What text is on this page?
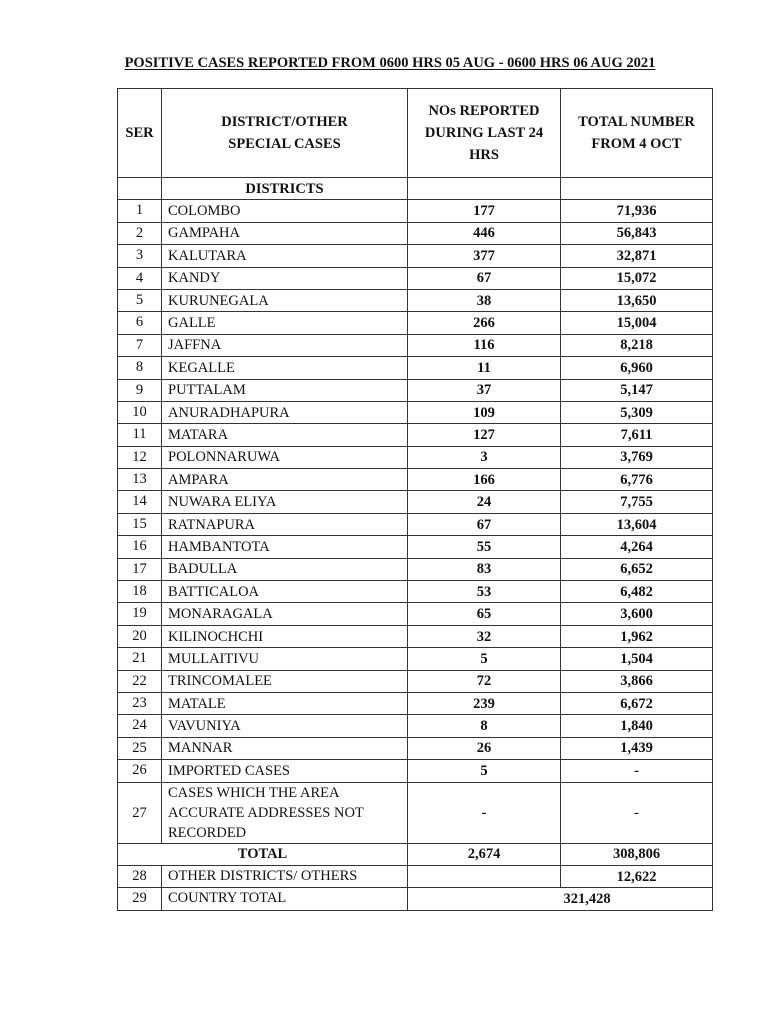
POSITIVE CASES REPORTED FROM 0600 HRS 05 AUG - 0600 HRS 06 AUG 2021
SER	DISTRICT/OTHER SPECIAL CASES	NOs REPORTED DURING LAST 24 HRS	TOTAL NUMBER FROM 4 OCT
	DISTRICTS		
1	COLOMBO	177	71,936
2	GAMPAHA	446	56,843
3	KALUTARA	377	32,871
4	KANDY	67	15,072
5	KURUNEGALA	38	13,650
6	GALLE	266	15,004
7	JAFFNA	116	8,218
8	KEGALLE	11	6,960
9	PUTTALAM	37	5,147
10	ANURADHAPURA	109	5,309
11	MATARA	127	7,611
12	POLONNARUWA	3	3,769
13	AMPARA	166	6,776
14	NUWARA ELIYA	24	7,755
15	RATNAPURA	67	13,604
16	HAMBANTOTA	55	4,264
17	BADULLA	83	6,652
18	BATTICALOA	53	6,482
19	MONARAGALA	65	3,600
20	KILINOCHCHI	32	1,962
21	MULLAITIVU	5	1,504
22	TRINCOMALEE	72	3,866
23	MATALE	239	6,672
24	VAVUNIYA	8	1,840
25	MANNAR	26	1,439
26	IMPORTED CASES	5	-
27	CASES WHICH THE AREA ACCURATE ADDRESSES NOT RECORDED	-	-
TOTAL		2,674	308,806
28	OTHER DISTRICTS/ OTHERS		12,622
29	COUNTRY TOTAL	321,428	
